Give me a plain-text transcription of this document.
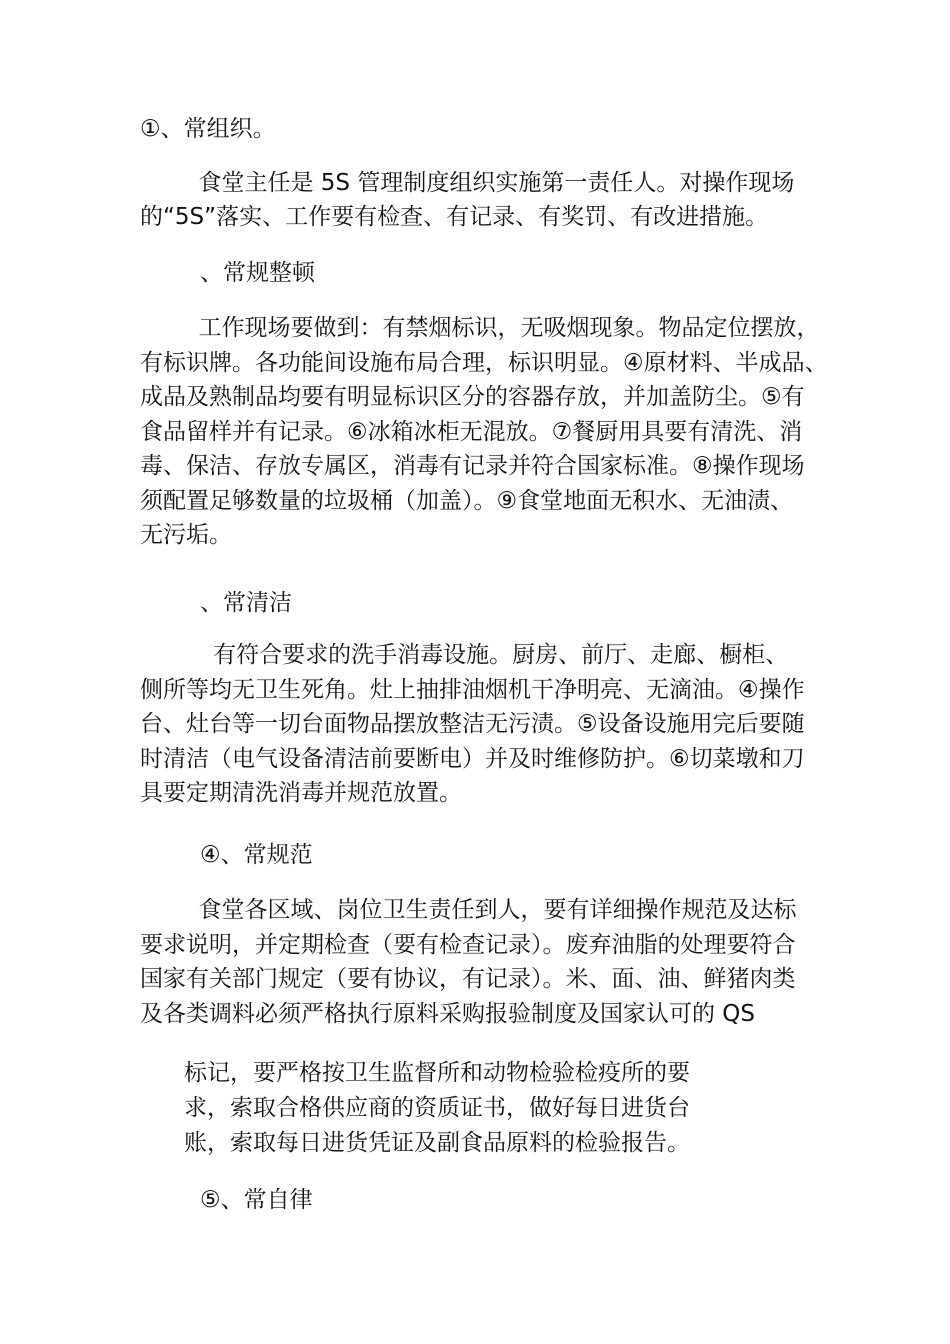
①、常组织。
食堂主任是 5S 管理制度组织实施第一责任人。对操作现场
的“5S”落实、工作要有检查、有记录、有奖罚、有改进措施。
、常规整顿
工作现场要做到：有禁烟标识，无吸烟现象。物品定位摆放，
有标识牌。各功能间设施布局合理，标识明显。④原材料、半成品、
成品及熟制品均要有明显标识区分的容器存放，并加盖防尘。⑤有
食品留样并有记录。⑥冰箱冰柜无混放。⑦餐厨用具要有清洗、消
毒、保洁、存放专属区，消毒有记录并符合国家标准。⑧操作现场
须配置足够数量的垃圾桶（加盖）。⑨食堂地面无积水、无油渍、
无污垢。
、常清洁
有符合要求的洗手消毒设施。厨房、前厅、走廊、橱柜、
侧所等均无卫生死角。灶上抽排油烟机干净明亮、无滴油。④操作
台、灶台等一切台面物品摆放整洁无污渍。⑤设备设施用完后要随
时清洁（电气设备清洁前要断电）并及时维修防护。⑥切菜墩和刀
具要定期清洗消毒并规范放置。
④、常规范
食堂各区域、岗位卫生责任到人，要有详细操作规范及达标
要求说明，并定期检查（要有检查记录）。废弃油脂的处理要符合
国家有关部门规定（要有协议，有记录）。米、面、油、鲜猪肉类
及各类调料必须严格执行原料采购报验制度及国家认可的 QS
标记，要严格按卫生监督所和动物检验检疫所的要
求，索取合格供应商的资质证书，做好每日进货台
账，索取每日进货凭证及副食品原料的检验报告。
⑤、常自律
